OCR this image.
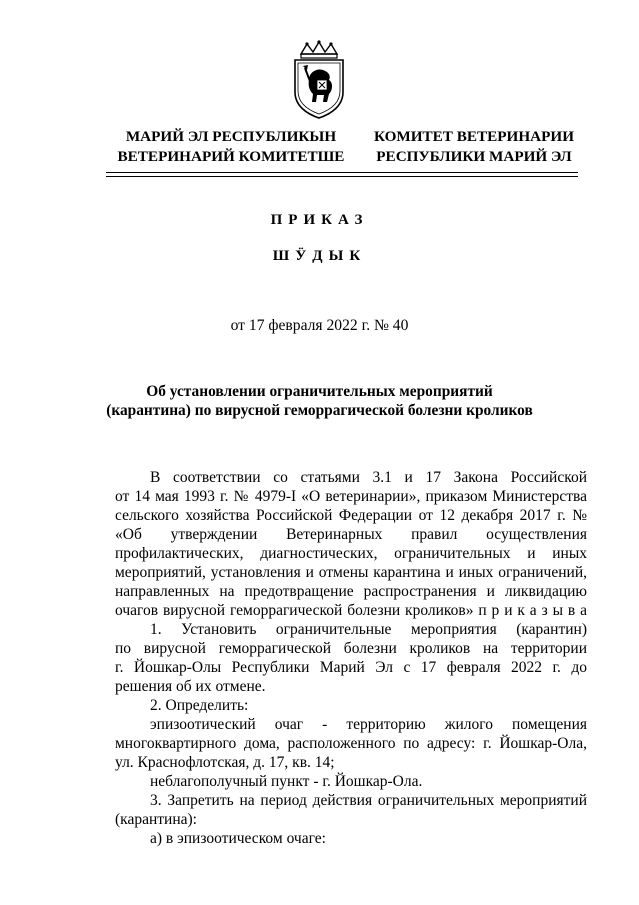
МАРИЙ ЭЛ РЕСПУБЛИКЫН
ВЕТЕРИНАРИЙ КОМИТЕТШЕ
КОМИТЕТ ВЕТЕРИНАРИИ
РЕСПУБЛИКИ МАРИЙ ЭЛ
ПРИКАЗ
ШӰДЫК
от 17 февраля 2022 г. № 40
Об установлении ограничительных мероприятий
(карантина) по вирусной геморрагической болезни кроликов
В соответствии со статьями 3.1 и 17 Закона Российской
от 14 мая 1993 г. № 4979-I «О ветеринарии», приказом Министерства
сельского хозяйства Российской Федерации от 12 декабря 2017 г. №
«Об утверждении Ветеринарных правил осуществления
профилактических, диагностических, ограничительных и иных
мероприятий, установления и отмены карантина и иных ограничений,
направленных на предотвращение распространения и ликвидацию
очагов вирусной геморрагической болезни кроликов» п р и к а з ы в а
1. Установить ограничительные мероприятия (карантин)
по вирусной геморрагической болезни кроликов на территории
г. Йошкар-Олы Республики Марий Эл с 17 февраля 2022 г. до
решения об их отмене.
2. Определить:
эпизоотический очаг - территорию жилого помещения
многоквартирного дома, расположенного по адресу: г. Йошкар-Ола,
ул. Краснофлотская, д. 17, кв. 14;
неблагополучный пункт - г. Йошкар-Ола.
3. Запретить на период действия ограничительных мероприятий
(карантина):
а) в эпизоотическом очаге:
